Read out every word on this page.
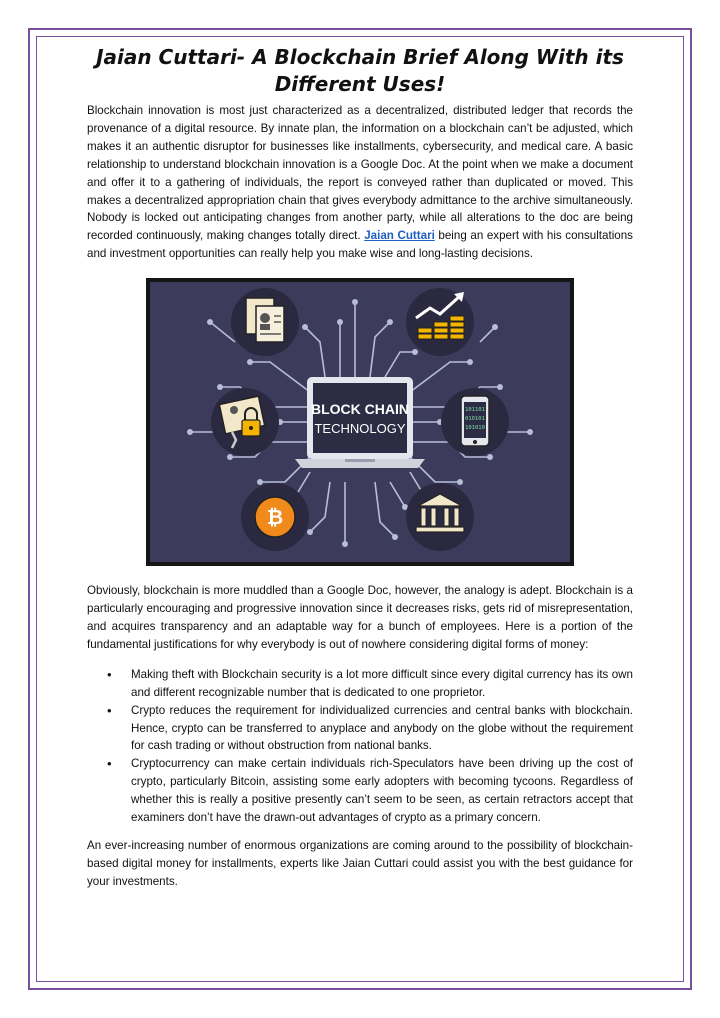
Jaian Cuttari- A Blockchain Brief Along With its Different Uses!

Blockchain innovation is most just characterized as a decentralized, distributed ledger that records the provenance of a digital resource. By innate plan, the information on a blockchain can’t be adjusted, which makes it an authentic disruptor for businesses like installments, cybersecurity, and medical care. A basic relationship to understand blockchain innovation is a Google Doc. At the point when we make a document and offer it to a gathering of individuals, the report is conveyed rather than duplicated or moved. This makes a decentralized appropriation chain that gives everybody admittance to the archive simultaneously. Nobody is locked out anticipating changes from another party, while all alterations to the doc are being recorded continuously, making changes totally direct. Jaian Cuttari being an expert with his consultations and investment opportunities can really help you make wise and long-lasting decisions.

BLOCK CHAIN
TECHNOLOGY
101101
010101
101010
₿

Obviously, blockchain is more muddled than a Google Doc, however, the analogy is adept. Blockchain is a particularly encouraging and progressive innovation since it decreases risks, gets rid of misrepresentation, and acquires transparency and an adaptable way for a bunch of employees. Here is a portion of the fundamental justifications for why everybody is out of nowhere considering digital forms of money:

• Making theft with Blockchain security is a lot more difficult since every digital currency has its own and different recognizable number that is dedicated to one proprietor.
• Crypto reduces the requirement for individualized currencies and central banks with blockchain. Hence, crypto can be transferred to anyplace and anybody on the globe without the requirement for cash trading or without obstruction from national banks.
• Cryptocurrency can make certain individuals rich-Speculators have been driving up the cost of crypto, particularly Bitcoin, assisting some early adopters with becoming tycoons. Regardless of whether this is really a positive presently can’t seem to be seen, as certain retractors accept that examiners don’t have the drawn-out advantages of crypto as a primary concern.

An ever-increasing number of enormous organizations are coming around to the possibility of blockchain-based digital money for installments, experts like Jaian Cuttari could assist you with the best guidance for your investments.
